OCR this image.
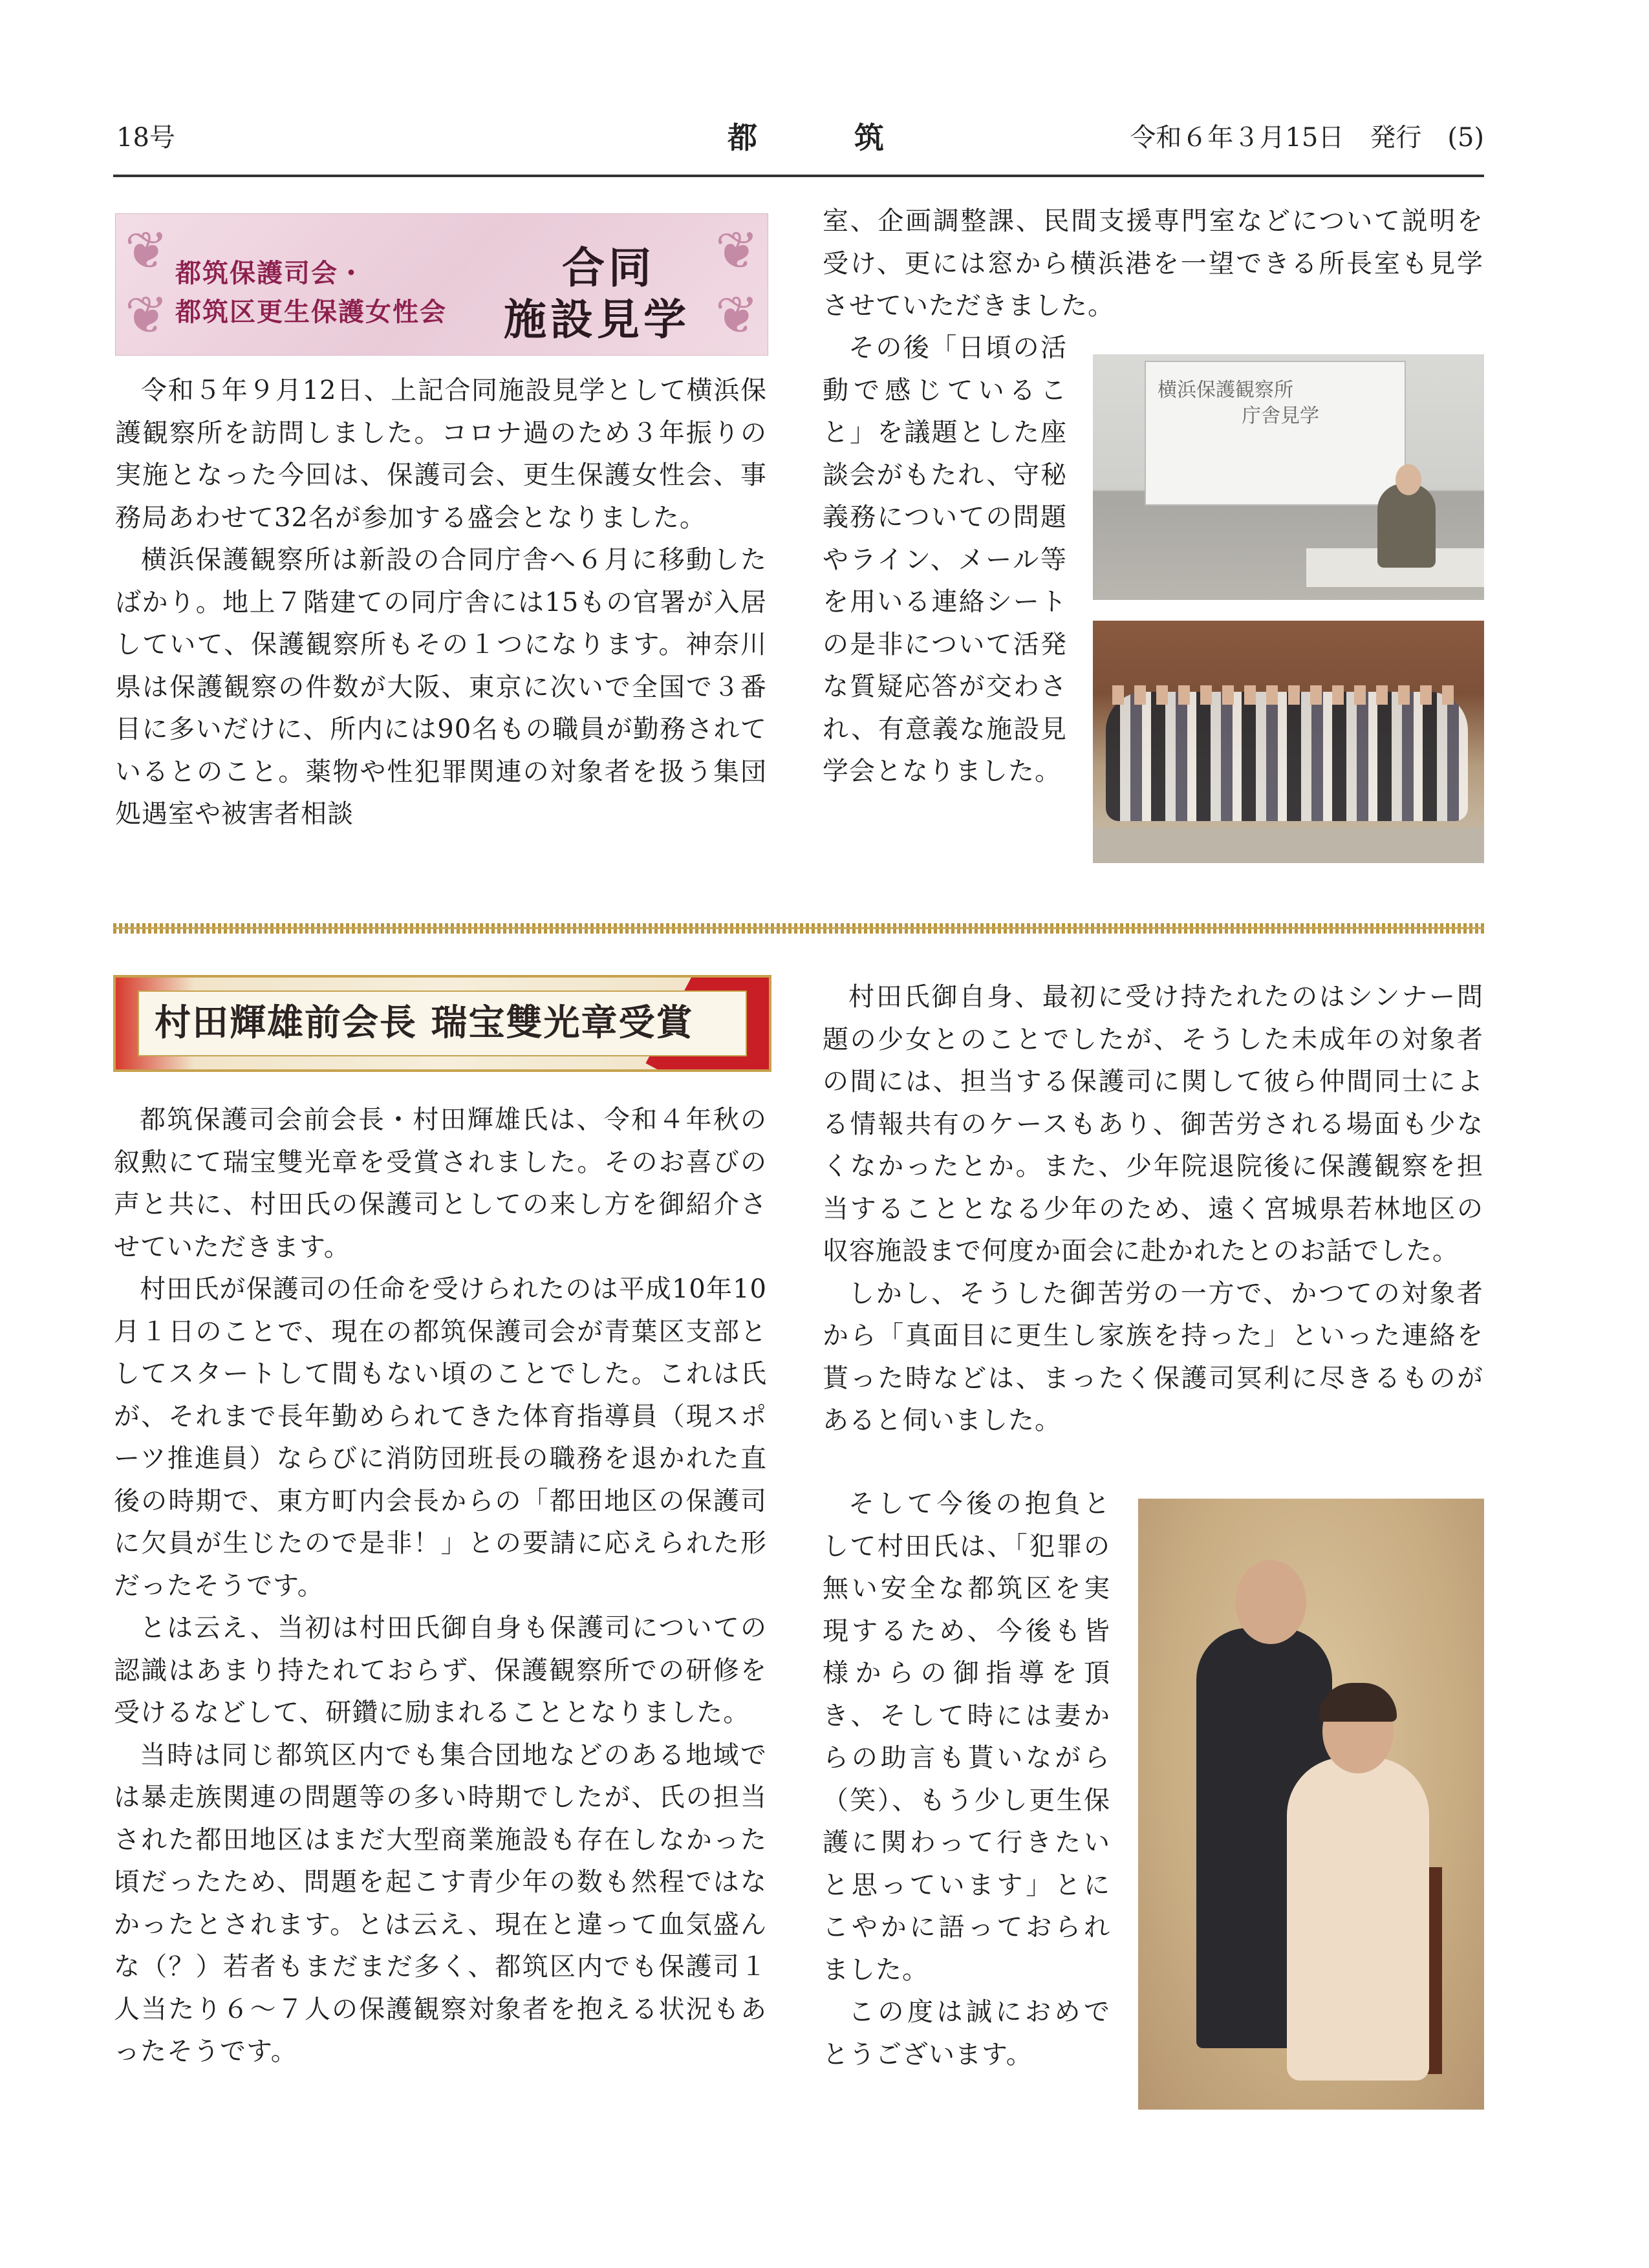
18号	都筑	令和６年３月15日　発行　(5)
❦
❦
❦
❦
都筑保護司会・
都筑区更生保護女性会
合同
施設見学

令和５年９月12日、上記合同施設見学として横浜保護観察所を訪問しました。コロナ過のため３年振りの実施となった今回は、保護司会、更生保護女性会、事務局あわせて32名が参加する盛会となりました。

横浜保護観察所は新設の合同庁舎へ６月に移動したばかり。地上７階建ての同庁舎には15もの官署が入居していて、保護観察所もその１つになります。神奈川県は保護観察の件数が大阪、東京に次いで全国で３番目に多いだけに、所内には90名もの職員が勤務されているとのこと。薬物や性犯罪関連の対象者を扱う集団処遇室や被害者相談

室、企画調整課、民間支援専門室などについて説明を受け、更には窓から横浜港を一望できる所長室も見学させていただきました。

その後「日頃の活動で感じていること」を議題とした座談会がもたれ、守秘義務についての問題やライン、メール等を用いる連絡シートの是非について活発な質疑応答が交わされ、有意義な施設見学会となりました。

横浜保護観察所
庁舎見学
村田輝雄前会長 瑞宝雙光章受賞

都筑保護司会前会長・村田輝雄氏は、令和４年秋の叙勲にて瑞宝雙光章を受賞されました。そのお喜びの声と共に、村田氏の保護司としての来し方を御紹介させていただきます。

村田氏が保護司の任命を受けられたのは平成10年10月１日のことで、現在の都筑保護司会が青葉区支部としてスタートして間もない頃のことでした。これは氏が、それまで長年勤められてきた体育指導員（現スポーツ推進員）ならびに消防団班長の職務を退かれた直後の時期で、東方町内会長からの「都田地区の保護司に欠員が生じたので是非！」との要請に応えられた形だったそうです。

とは云え、当初は村田氏御自身も保護司についての認識はあまり持たれておらず、保護観察所での研修を受けるなどして、研鑽に励まれることとなりました。

当時は同じ都筑区内でも集合団地などのある地域では暴走族関連の問題等の多い時期でしたが、氏の担当された都田地区はまだ大型商業施設も存在しなかった頃だったため、問題を起こす青少年の数も然程ではなかったとされます。とは云え、現在と違って血気盛んな（？）若者もまだまだ多く、都筑区内でも保護司１人当たり６～７人の保護観察対象者を抱える状況もあったそうです。

村田氏御自身、最初に受け持たれたのはシンナー問題の少女とのことでしたが、そうした未成年の対象者の間には、担当する保護司に関して彼ら仲間同士による情報共有のケースもあり、御苦労される場面も少なくなかったとか。また、少年院退院後に保護観察を担当することとなる少年のため、遠く宮城県若林地区の収容施設まで何度か面会に赴かれたとのお話でした。

しかし、そうした御苦労の一方で、かつての対象者から「真面目に更生し家族を持った」といった連絡を貰った時などは、まったく保護司冥利に尽きるものがあると伺いました。

そして今後の抱負として村田氏は、「犯罪の無い安全な都筑区を実現するため、今後も皆様からの御指導を頂き、そして時には妻からの助言も貰いながら（笑）、もう少し更生保護に関わって行きたいと思っています」とにこやかに語っておられました。

この度は誠におめでとうございます。
